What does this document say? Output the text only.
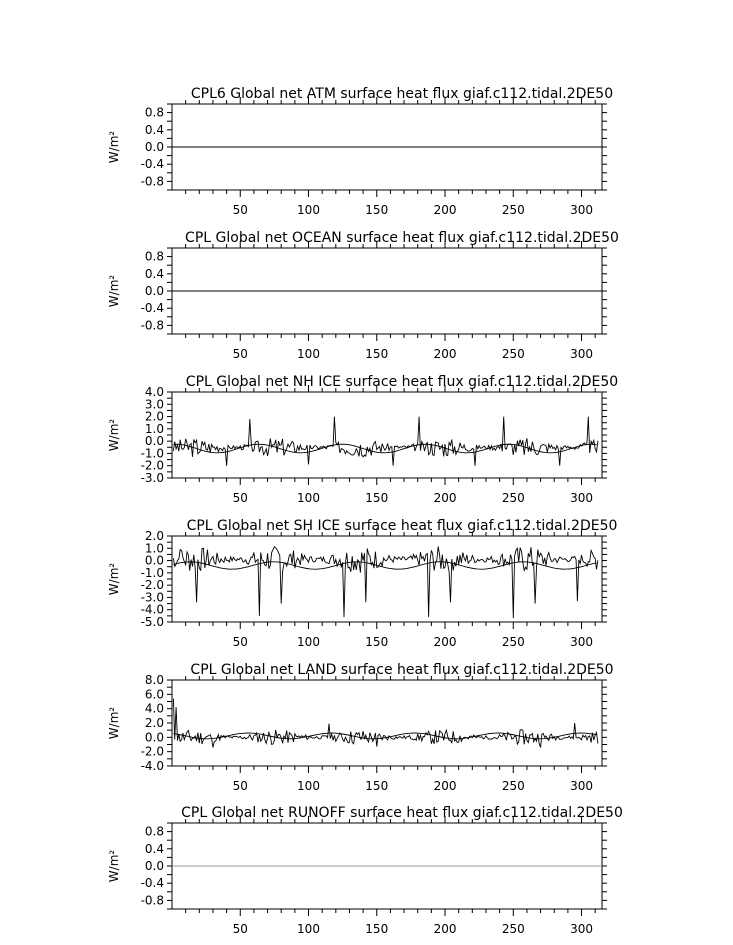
CPL6 Global net ATM surface heat flux giaf.c112.tidal.2DE50
W/m²
50	100	150	200	250	300
0.8
0.4
0.0
-0.4
-0.8
CPL Global net OCEAN surface heat flux giaf.c112.tidal.2DE50
W/m²
50	100	150	200	250	300
0.8
0.4
0.0
-0.4
-0.8
CPL Global net NH ICE surface heat flux giaf.c112.tidal.2DE50
W/m²
50	100	150	200	250	300
4.0
3.0
2.0
1.0
0.0
-1.0
-2.0
-3.0
CPL Global net SH ICE surface heat flux giaf.c112.tidal.2DE50
W/m²
50	100	150	200	250	300
2.0
1.0
0.0
-1.0
-2.0
-3.0
-4.0
-5.0
CPL Global net LAND surface heat flux giaf.c112.tidal.2DE50
W/m²
50	100	150	200	250	300
8.0
6.0
4.0
2.0
0.0
-2.0
-4.0
CPL Global net RUNOFF surface heat flux giaf.c112.tidal.2DE50
W/m²
50	100	150	200	250	300
0.8
0.4
0.0
-0.4
-0.8
